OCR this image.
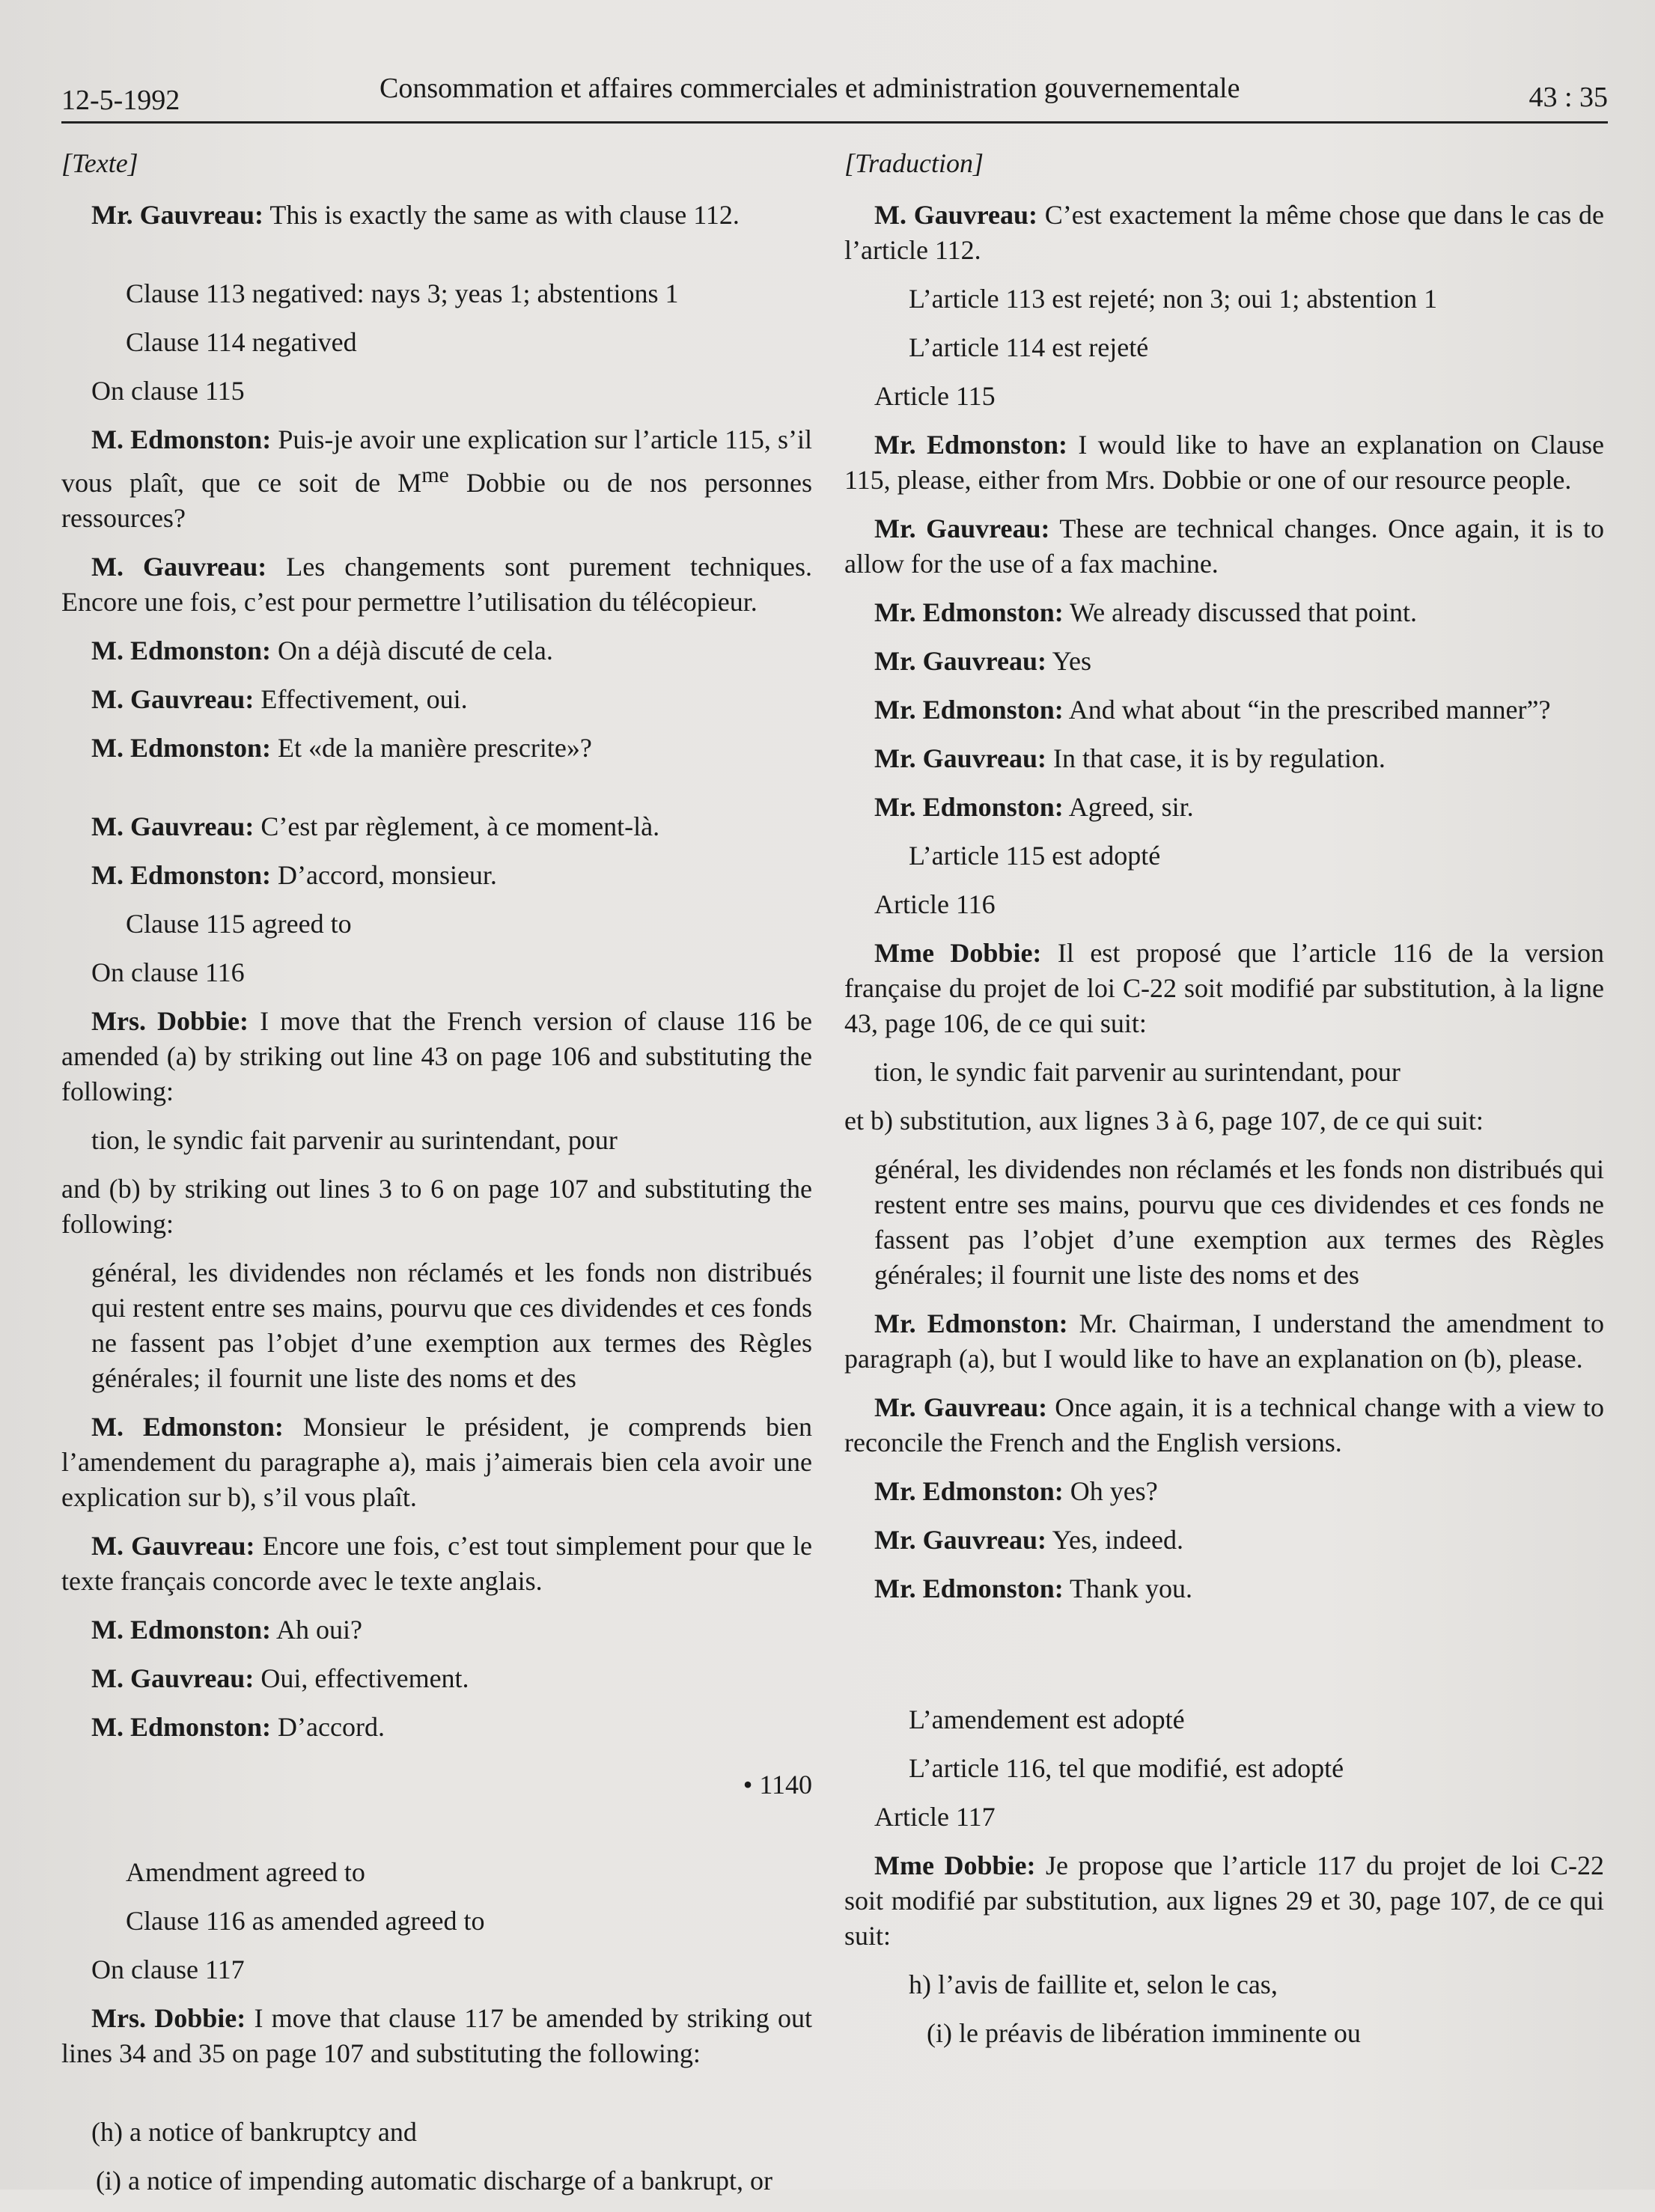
12-5-1992	Consommation et affaires commerciales et administration gouvernementale	43 : 35

[Texte]

Mr. Gauvreau: This is exactly the same as with clause 112.

Clause 113 negatived: nays 3; yeas 1; abstentions 1

Clause 114 negatived

On clause 115

M. Edmonston: Puis-je avoir une explication sur l’article 115, s’il vous plaît, que ce soit de $M^{me}$ Dobbie ou de nos personnes ressources?

M. Gauvreau: Les changements sont purement techniques. Encore une fois, c’est pour permettre l’utilisation du télécopieur.

M. Edmonston: On a déjà discuté de cela.

M. Gauvreau: Effectivement, oui.

M. Edmonston: Et «de la manière prescrite»?

M. Gauvreau: C’est par règlement, à ce moment-là.

M. Edmonston: D’accord, monsieur.

Clause 115 agreed to

On clause 116

Mrs. Dobbie: I move that the French version of clause 116 be amended (a) by striking out line 43 on page 106 and substituting the following:

tion, le syndic fait parvenir au surintendant, pour

and (b) by striking out lines 3 to 6 on page 107 and substituting the following:

général, les dividendes non réclamés et les fonds non distribués qui restent entre ses mains, pourvu que ces dividendes et ces fonds ne fassent pas l’objet d’une exemption aux termes des Règles générales; il fournit une liste des noms et des

M. Edmonston: Monsieur le président, je comprends bien l’amendement du paragraphe a), mais j’aimerais bien cela avoir une explication sur b), s’il vous plaît.

M. Gauvreau: Encore une fois, c’est tout simplement pour que le texte français concorde avec le texte anglais.

M. Edmonston: Ah oui?

M. Gauvreau: Oui, effectivement.

M. Edmonston: D’accord.

• 1140

Amendment agreed to

Clause 116 as amended agreed to

On clause 117

Mrs. Dobbie: I move that clause 117 be amended by striking out lines 34 and 35 on page 107 and substituting the following:

(h) a notice of bankruptcy and

(i) a notice of impending automatic discharge of a bankrupt, or

[Traduction]

M. Gauvreau: C’est exactement la même chose que dans le cas de l’article 112.

L’article 113 est rejeté; non 3; oui 1; abstention 1

L’article 114 est rejeté

Article 115

Mr. Edmonston: I would like to have an explanation on Clause 115, please, either from Mrs. Dobbie or one of our resource people.

Mr. Gauvreau: These are technical changes. Once again, it is to allow for the use of a fax machine.

Mr. Edmonston: We already discussed that point.

Mr. Gauvreau: Yes

Mr. Edmonston: And what about “in the prescribed manner”?

Mr. Gauvreau: In that case, it is by regulation.

Mr. Edmonston: Agreed, sir.

L’article 115 est adopté

Article 116

Mme Dobbie: Il est proposé que l’article 116 de la version française du projet de loi C-22 soit modifié par substitution, à la ligne 43, page 106, de ce qui suit:

tion, le syndic fait parvenir au surintendant, pour

et b) substitution, aux lignes 3 à 6, page 107, de ce qui suit:

général, les dividendes non réclamés et les fonds non distribués qui restent entre ses mains, pourvu que ces dividendes et ces fonds ne fassent pas l’objet d’une exemption aux termes des Règles générales; il fournit une liste des noms et des

Mr. Edmonston: Mr. Chairman, I understand the amendment to paragraph (a), but I would like to have an explanation on (b), please.

Mr. Gauvreau: Once again, it is a technical change with a view to reconcile the French and the English versions.

Mr. Edmonston: Oh yes?

Mr. Gauvreau: Yes, indeed.

Mr. Edmonston: Thank you.

L’amendement est adopté

L’article 116, tel que modifié, est adopté

Article 117

Mme Dobbie: Je propose que l’article 117 du projet de loi C-22 soit modifié par substitution, aux lignes 29 et 30, page 107, de ce qui suit:

h) l’avis de faillite et, selon le cas,

(i) le préavis de libération imminente ou
